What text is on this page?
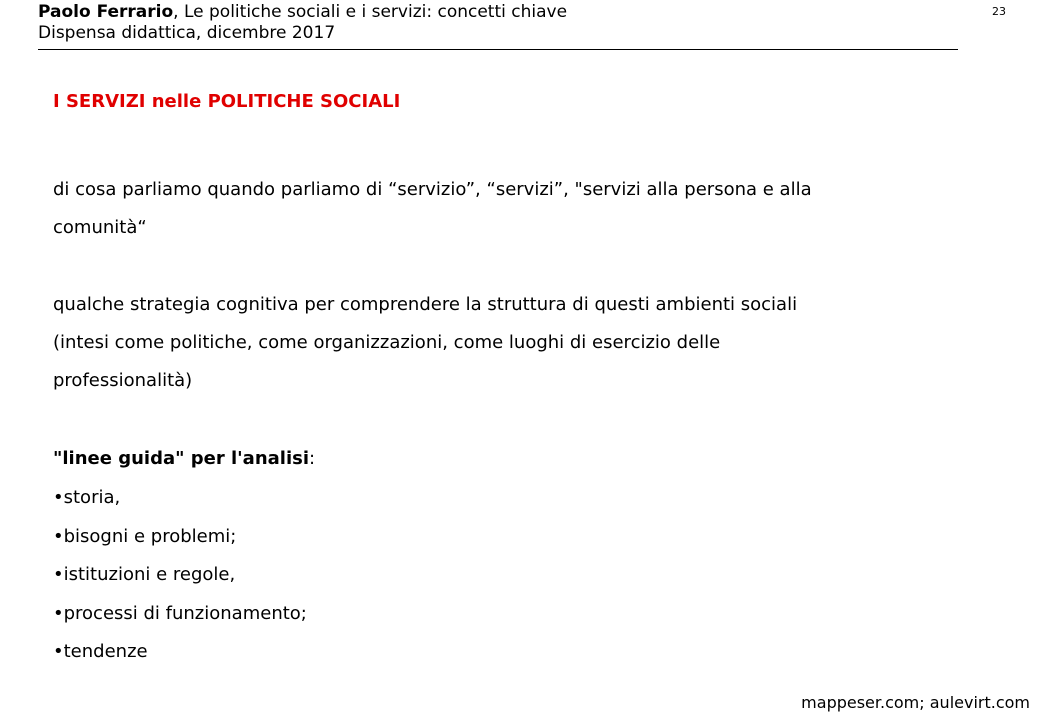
Paolo Ferrario, Le politiche sociali e i servizi: concetti chiave
Dispensa didattica, dicembre 2017
23
I SERVIZI nelle POLITICHE SOCIALI
di cosa parliamo quando parliamo di “servizio”, “servizi”, "servizi alla persona e alla
comunità“
qualche strategia cognitiva per comprendere la struttura di questi ambienti sociali
(intesi come politiche, come organizzazioni, come luoghi di esercizio delle
professionalità)
"linee guida" per l'analisi:
•storia,
•bisogni e problemi;
•istituzioni e regole,
•processi di funzionamento;
•tendenze
mappeser.com; aulevirt.com
